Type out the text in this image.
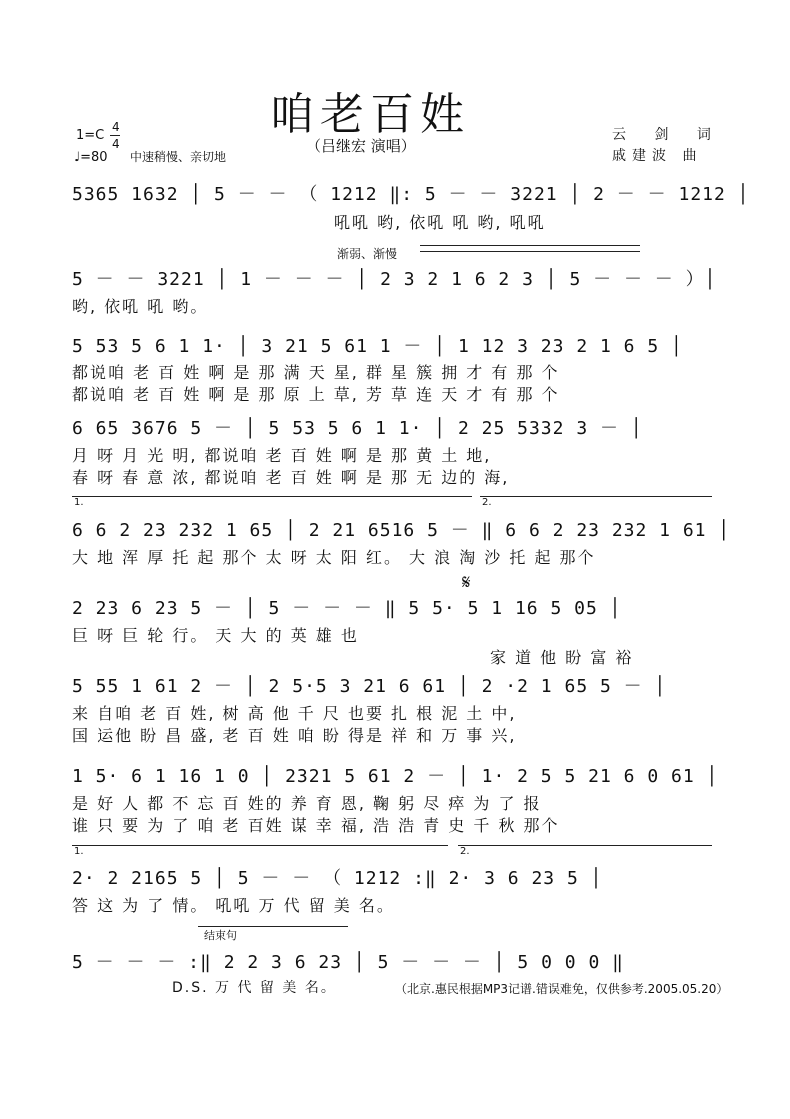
咱老百姓
（吕继宏 演唱）
1=C
4
4
♩=80 中速稍慢、亲切地
云 剑 词
戚建波 曲
5365 1632 │ 5 － － （ 1212 ‖: 5 － － 3221 │ 2 － － 1212 │
吼吼 哟, 依吼 吼 哟, 吼吼
渐弱、渐慢
5 － － 3221 │ 1 － － － │ 2 3 2 1 6 2 3 │ 5 － － － ）│
哟, 依吼 吼 哟。
5 53 5 6 1 1· │ 3 21 5 61 1 － │ 1 12 3 23 2 1 6 5 │
都说咱 老 百 姓 啊 是 那 满 天 星, 群 星 簇 拥 才 有 那 个
都说咱 老 百 姓 啊 是 那 原 上 草, 芳 草 连 天 才 有 那 个
6 65 3676 5 － │ 5 53 5 6 1 1· │ 2 25 5332 3 － │
月 呀 月 光 明, 都说咱 老 百 姓 啊 是 那 黄 土 地,
春 呀 春 意 浓, 都说咱 老 百 姓 啊 是 那 无 边的 海,
1.	2.
6 6 2 23 232 1 65 │ 2 21 6516 5 － ‖ 6 6 2 23 232 1 61 │
大 地 浑 厚 托 起 那个 太 呀 太 阳 红。 大 浪 淘 沙 托 起 那个
𝄋
2 23 6 23 5 － │ 5 － － － ‖ 5 5· 5 1 16 5 05 │
巨 呀 巨 轮 行。 天 大 的 英 雄 也
家 道 他 盼 富 裕
5 55 1 61 2 － │ 2 5·5 3 21 6 61 │ 2 ·2 1 65 5 － │
来 自咱 老 百 姓, 树 高 他 千 尺 也要 扎 根 泥 土 中,
国 运他 盼 昌 盛, 老 百 姓 咱 盼 得是 祥 和 万 事 兴,
1 5· 6 1 16 1 0 │ 2321 5 61 2 － │ 1· 2 5 5 21 6 0 61 │
是 好 人 都 不 忘 百 姓的 养 育 恩, 鞠 躬 尽 瘁 为 了 报
谁 只 要 为 了 咱 老 百姓 谋 幸 福, 浩 浩 青 史 千 秋 那个
1.	2.
2· 2 2165 5 │ 5 － － （ 1212 :‖ 2· 3 6 23 5 │
答 这 为 了 情。 吼吼 万 代 留 美 名。
结束句
5 － － － :‖ 2 2 3 6 23 │ 5 － － － │ 5 0 0 0 ‖
D.S. 万 代 留 美 名。	（北京.惠民根据MP3记谱.错误难免，仅供参考.2005.05.20）
